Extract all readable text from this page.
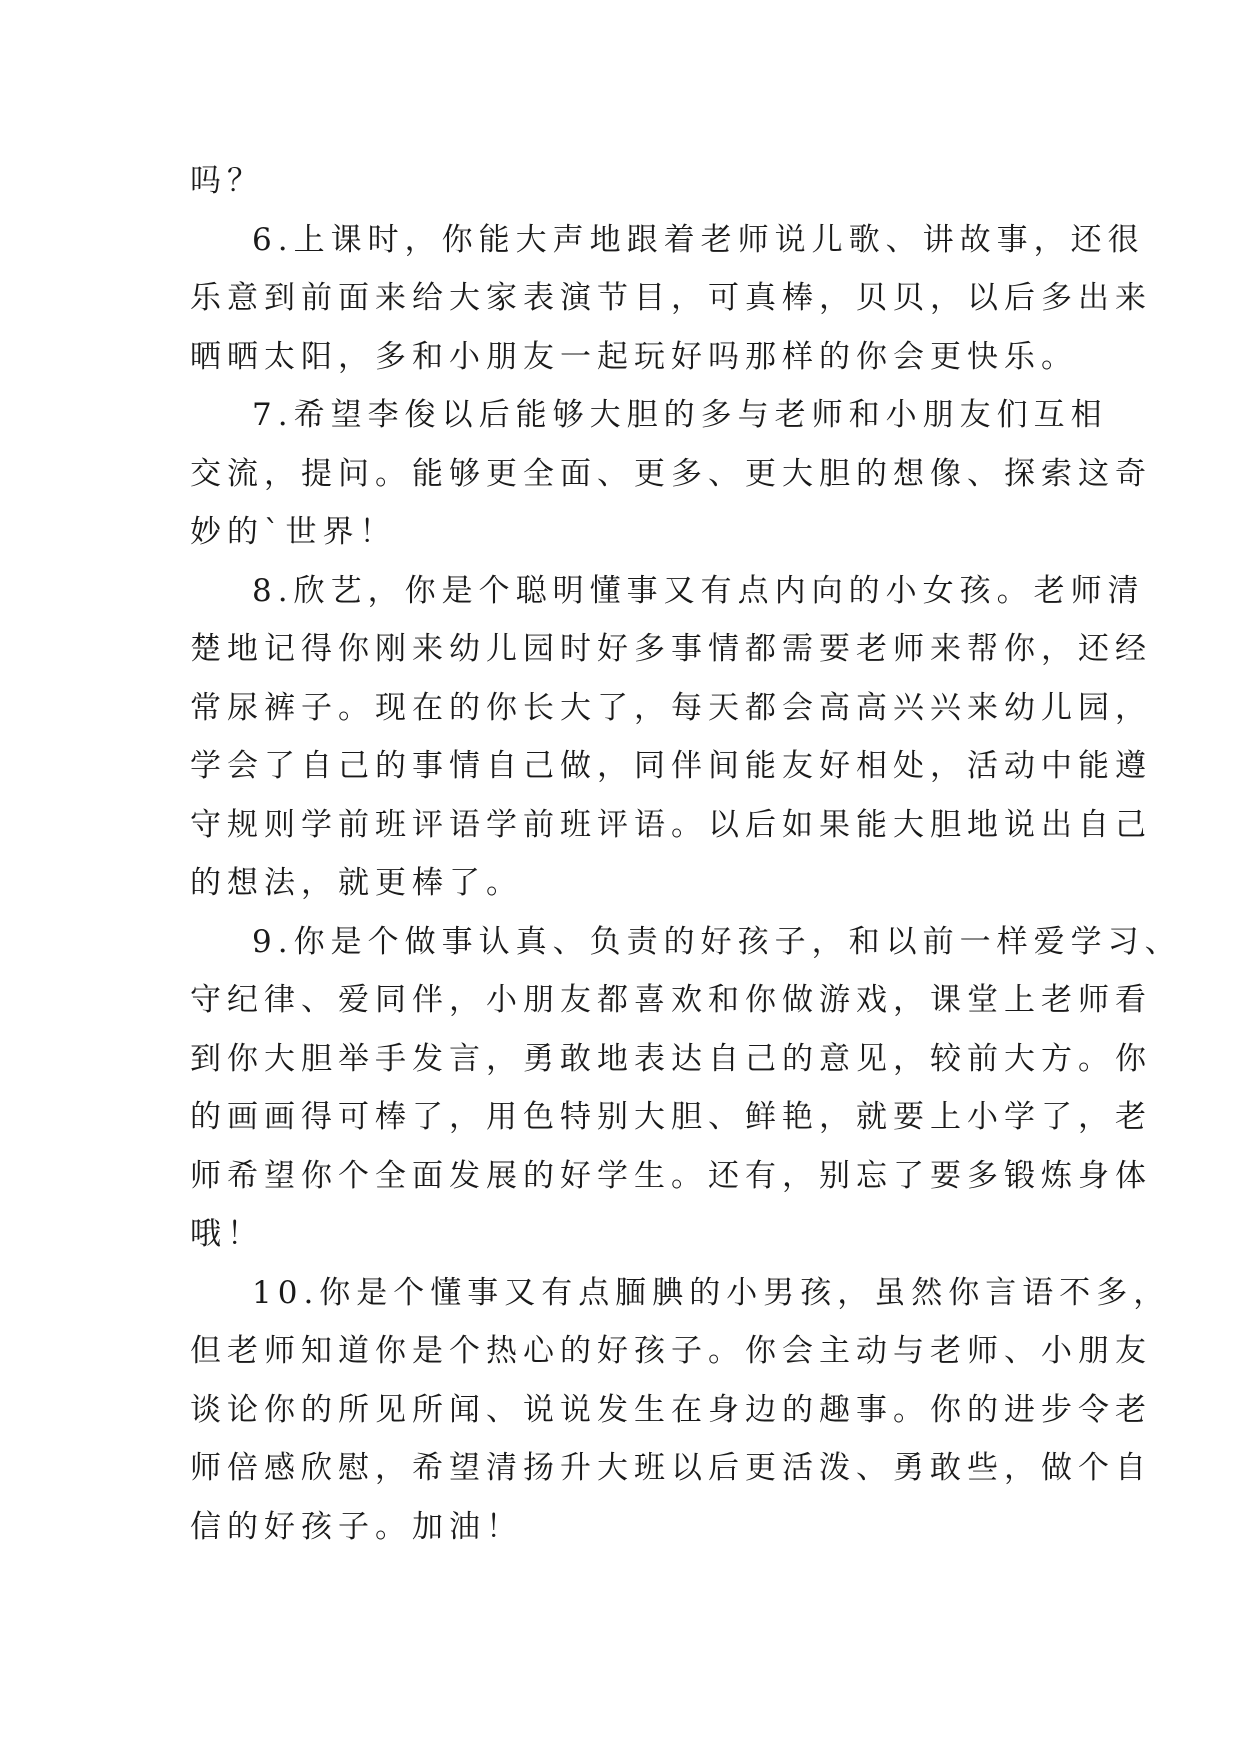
吗？
6.上课时，你能大声地跟着老师说儿歌、讲故事，还很
乐意到前面来给大家表演节目，可真棒，贝贝，以后多出来
晒晒太阳，多和小朋友一起玩好吗那样的你会更快乐。
7.希望李俊以后能够大胆的多与老师和小朋友们互相
交流，提问。能够更全面、更多、更大胆的想像、探索这奇
妙的`世界！
8.欣艺，你是个聪明懂事又有点内向的小女孩。老师清
楚地记得你刚来幼儿园时好多事情都需要老师来帮你，还经
常尿裤子。现在的你长大了，每天都会高高兴兴来幼儿园，
学会了自己的事情自己做，同伴间能友好相处，活动中能遵
守规则学前班评语学前班评语。以后如果能大胆地说出自己
的想法，就更棒了。
9.你是个做事认真、负责的好孩子，和以前一样爱学习、
守纪律、爱同伴，小朋友都喜欢和你做游戏，课堂上老师看
到你大胆举手发言，勇敢地表达自己的意见，较前大方。你
的画画得可棒了，用色特别大胆、鲜艳，就要上小学了，老
师希望你个全面发展的好学生。还有，别忘了要多锻炼身体
哦！
10.你是个懂事又有点腼腆的小男孩，虽然你言语不多，
但老师知道你是个热心的好孩子。你会主动与老师、小朋友
谈论你的所见所闻、说说发生在身边的趣事。你的进步令老
师倍感欣慰，希望清扬升大班以后更活泼、勇敢些，做个自
信的好孩子。加油！
